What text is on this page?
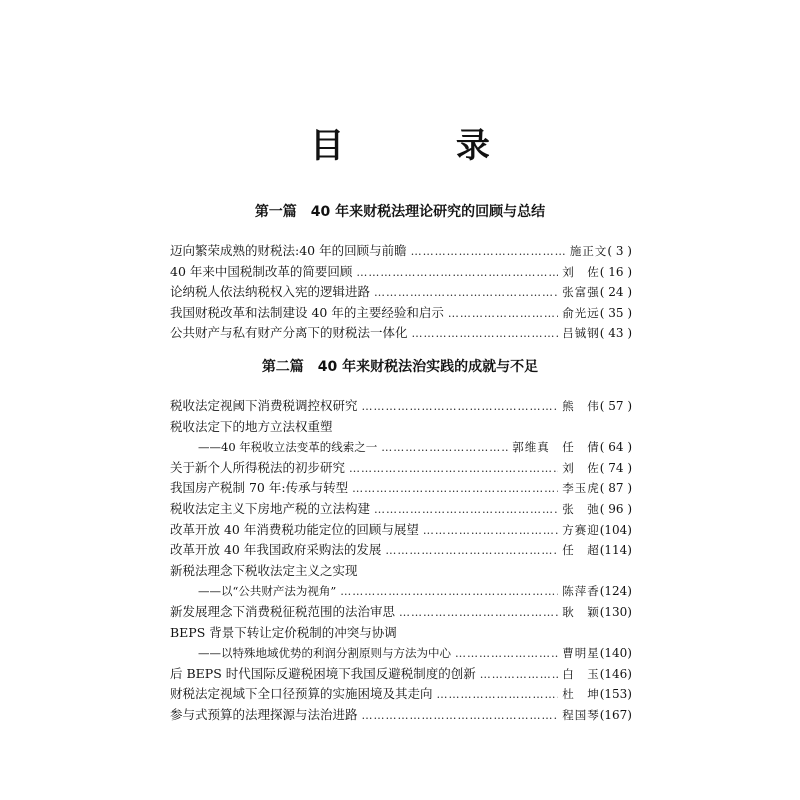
目 录
第一篇　40 年来财税法理论研究的回顾与总结
迈向繁荣成熟的财税法:40 年的回顾与前瞻 ………………………………………………………………………………………………………………………………	施正文 ( 3 )
40 年来中国税制改革的简要回顾 ………………………………………………………………………………………………………………………………	刘　佐 ( 16 )
论纳税人依法纳税权入宪的逻辑进路 ………………………………………………………………………………………………………………………………	张富强 ( 24 )
我国财税改革和法制建设 40 年的主要经验和启示 ………………………………………………………………………………………………………………………………	俞光远 ( 35 )
公共财产与私有财产分离下的财税法一体化 ………………………………………………………………………………………………………………………………	吕铖钢 ( 43 )
第二篇　40 年来财税法治实践的成就与不足
税收法定视阈下消费税调控权研究 ………………………………………………………………………………………………………………………………	熊　伟 ( 57 )
税收法定下的地方立法权重塑
——40 年税收立法变革的线索之一 ………………………………………………………………………………………………………………………………	郭维真　任　倩 ( 64 )
关于新个人所得税法的初步研究 ………………………………………………………………………………………………………………………………	刘　佐 ( 74 )
我国房产税制 70 年:传承与转型 ………………………………………………………………………………………………………………………………	李玉虎 ( 87 )
税收法定主义下房地产税的立法构建 ………………………………………………………………………………………………………………………………	张　弛 ( 96 )
改革开放 40 年消费税功能定位的回顾与展望 ………………………………………………………………………………………………………………………………	方赛迎 (104)
改革开放 40 年我国政府采购法的发展 ………………………………………………………………………………………………………………………………	任　超 (114)
新税法理念下税收法定主义之实现
——以“公共财产法为视角” ………………………………………………………………………………………………………………………………	陈萍香 (124)
新发展理念下消费税征税范围的法治审思 ………………………………………………………………………………………………………………………………	耿　颖 (130)
BEPS 背景下转让定价税制的冲突与协调
——以特殊地域优势的利润分割原则与方法为中心 ………………………………………………………………………………………………………………………………	曹明星 (140)
后 BEPS 时代国际反避税困境下我国反避税制度的创新 ………………………………………………………………………………………………………………………………	白　玉 (146)
财税法定视域下全口径预算的实施困境及其走向 ………………………………………………………………………………………………………………………………	杜　坤 (153)
参与式预算的法理探源与法治进路 ………………………………………………………………………………………………………………………………	程国琴 (167)
